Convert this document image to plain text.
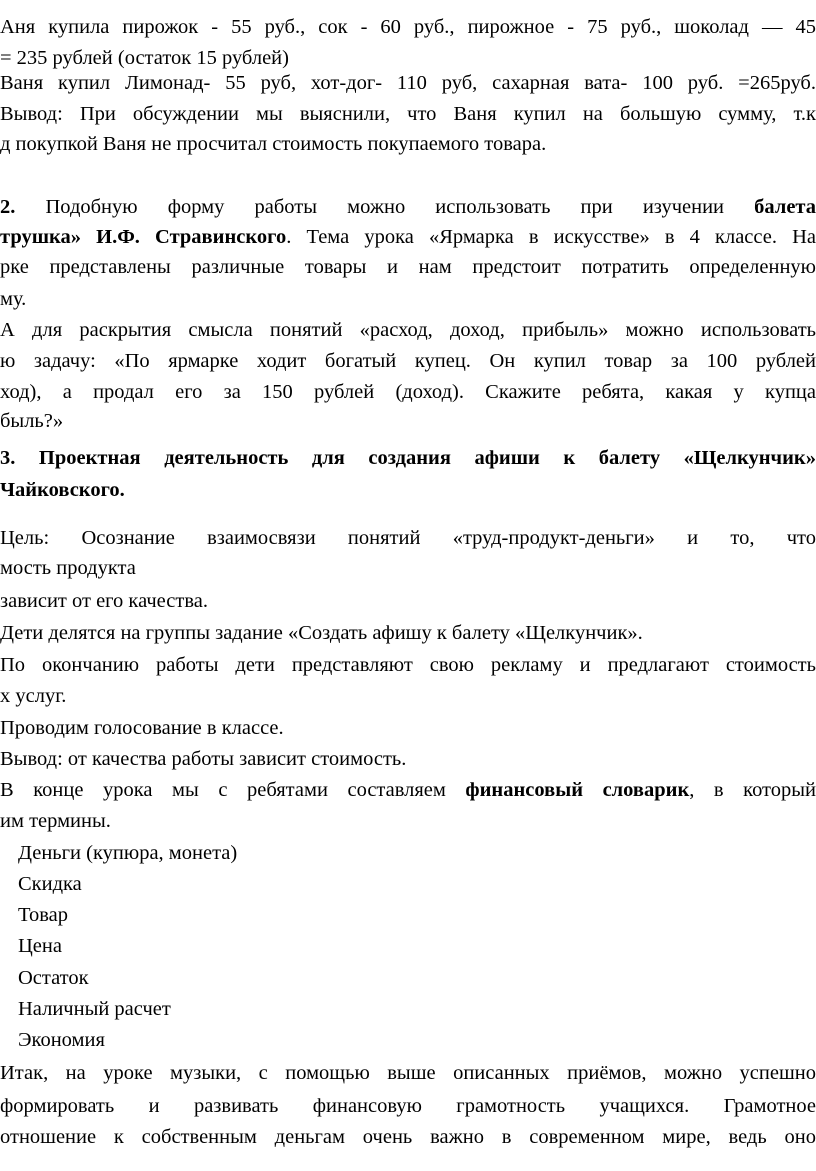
Аня купила пирожок - 55 руб., сок - 60 руб., пирожное - 75 руб., шоколад — 45

= 235 рублей (остаток 15 рублей)

Ваня купил Лимонад- 55 руб, хот-дог- 110 руб, сахарная вата- 100 руб. =265руб.

Вывод: При обсуждении мы выяснили, что Ваня купил на большую сумму, т.к

д покупкой Ваня не просчитал стоимость покупаемого товара.

2. Подобную форму работы можно использовать при изучении балета

трушка» И.Ф. Стравинского. Тема урока «Ярмарка в искусстве» в 4 классе. На

рке представлены различные товары и нам предстоит потратить определенную

му.

А для раскрытия смысла понятий «расход, доход, прибыль» можно использовать

ю задачу: «По ярмарке ходит богатый купец. Он купил товар за 100 рублей

ход), а продал его за 150 рублей (доход). Скажите ребята, какая у купца

быль?»

3. Проектная деятельность для создания афиши к балету «Щелкунчик»

Чайковского.

Цель: Осознание взаимосвязи понятий «труд-продукт-деньги» и то, что

мость продукта

зависит от его качества.

Дети делятся на группы задание «Создать афишу к балету «Щелкунчик».

По окончанию работы дети представляют свою рекламу и предлагают стоимость

х услуг.

Проводим голосование в классе.

Вывод: от качества работы зависит стоимость.

В конце урока мы с ребятами составляем финансовый словарик, в который

им термины.

Деньги (купюра, монета)

Скидка

Товар

Цена

Остаток

Наличный расчет

Экономия

Итак, на уроке музыки, с помощью выше описанных приёмов, можно успешно

формировать и развивать финансовую грамотность учащихся. Грамотное

отношение к собственным деньгам очень важно в современном мире, ведь оно
